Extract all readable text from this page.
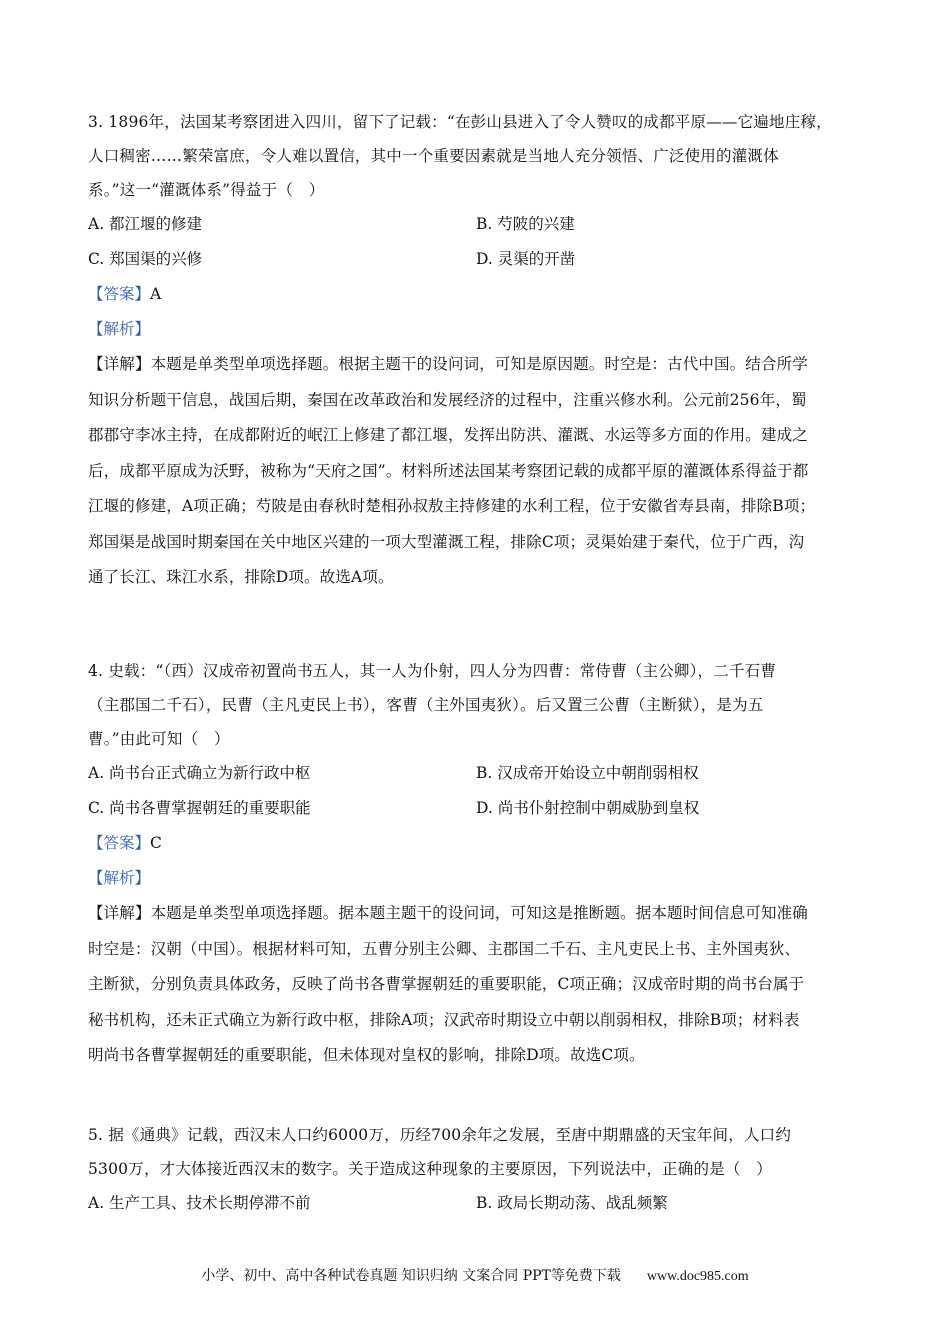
3. 1896年，法国某考察团进入四川，留下了记载：“在彭山县进入了令人赞叹的成都平原——它遍地庄稼，
人口稠密……繁荣富庶，令人难以置信，其中一个重要因素就是当地人充分领悟、广泛使用的灌溉体
系。”这一“灌溉体系”得益于（　）
A. 都江堰的修建	B. 芍陂的兴建
C. 郑国渠的兴修	D. 灵渠的开凿
【答案】A
【解析】
【详解】本题是单类型单项选择题。根据主题干的设问词，可知是原因题。时空是：古代中国。结合所学
知识分析题干信息，战国后期，秦国在改革政治和发展经济的过程中，注重兴修水利。公元前256年，蜀
郡郡守李冰主持，在成都附近的岷江上修建了都江堰，发挥出防洪、灌溉、水运等多方面的作用。建成之
后，成都平原成为沃野，被称为“天府之国”。材料所述法国某考察团记载的成都平原的灌溉体系得益于都
江堰的修建，A项正确；芍陂是由春秋时楚相孙叔敖主持修建的水利工程，位于安徽省寿县南，排除B项；
郑国渠是战国时期秦国在关中地区兴建的一项大型灌溉工程，排除C项；灵渠始建于秦代，位于广西，沟
通了长江、珠江水系，排除D项。故选A项。
4. 史载：“（西）汉成帝初置尚书五人，其一人为仆射，四人分为四曹：常侍曹（主公卿），二千石曹
（主郡国二千石），民曹（主凡吏民上书），客曹（主外国夷狄）。后又置三公曹（主断狱），是为五
曹。”由此可知（　）
A. 尚书台正式确立为新行政中枢	B. 汉成帝开始设立中朝削弱相权
C. 尚书各曹掌握朝廷的重要职能	D. 尚书仆射控制中朝威胁到皇权
【答案】C
【解析】
【详解】本题是单类型单项选择题。据本题主题干的设问词，可知这是推断题。据本题时间信息可知准确
时空是：汉朝（中国）。根据材料可知，五曹分别主公卿、主郡国二千石、主凡吏民上书、主外国夷狄、
主断狱，分别负责具体政务，反映了尚书各曹掌握朝廷的重要职能，C项正确；汉成帝时期的尚书台属于
秘书机构，还未正式确立为新行政中枢，排除A项；汉武帝时期设立中朝以削弱相权，排除B项；材料表
明尚书各曹掌握朝廷的重要职能，但未体现对皇权的影响，排除D项。故选C项。
5. 据《通典》记载，西汉末人口约6000万，历经700余年之发展，至唐中期鼎盛的天宝年间，人口约
5300万，才大体接近西汉末的数字。关于造成这种现象的主要原因，下列说法中，正确的是（　）
A. 生产工具、技术长期停滞不前	B. 政局长期动荡、战乱频繁
小学、初中、高中各种试卷真题 知识归纳 文案合同 PPT等免费下载 www.doc985.com
